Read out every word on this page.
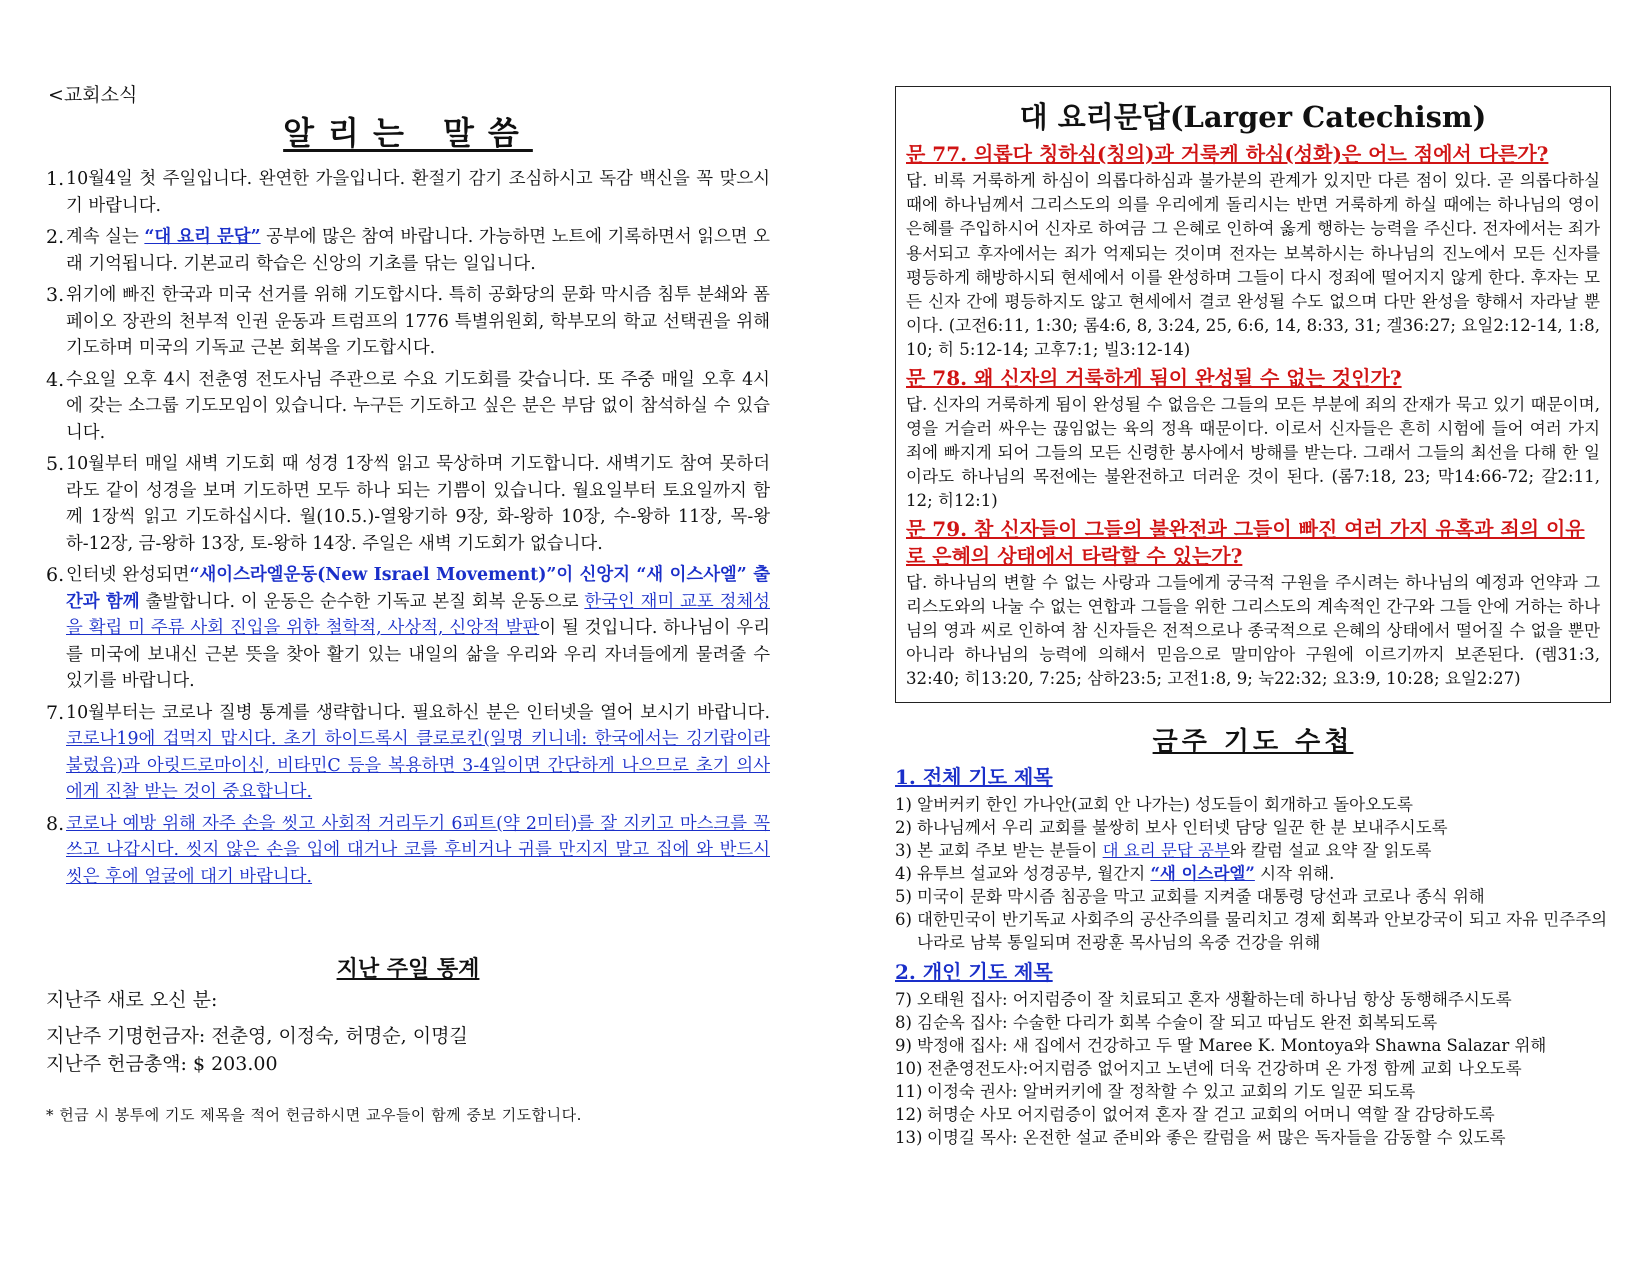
<교회소식
알리는 말씀
1. 10월4일 첫 주일입니다. 완연한 가을입니다. 환절기 감기 조심하시고 독감 백신을 꼭 맞으시기 바랍니다.
2. 계속 실는 “대 요리 문답” 공부에 많은 참여 바랍니다. 가능하면 노트에 기록하면서 읽으면 오래 기억됩니다. 기본교리 학습은 신앙의 기초를 닦는 일입니다.
3. 위기에 빠진 한국과 미국 선거를 위해 기도합시다. 특히 공화당의 문화 막시즘 침투 분쇄와 폼페이오 장관의 천부적 인권 운동과 트럼프의 1776 특별위원회, 학부모의 학교 선택권을 위해 기도하며 미국의 기독교 근본 회복을 기도합시다.
4. 수요일 오후 4시 전춘영 전도사님 주관으로 수요 기도회를 갖습니다. 또 주중 매일 오후 4시에 갖는 소그룹 기도모임이 있습니다. 누구든 기도하고 싶은 분은 부담 없이 참석하실 수 있습니다.
5. 10월부터 매일 새벽 기도회 때 성경 1장씩 읽고 묵상하며 기도합니다. 새벽기도 참여 못하더라도 같이 성경을 보며 기도하면 모두 하나 되는 기쁨이 있습니다. 월요일부터 토요일까지 함께 1장씩 읽고 기도하십시다. 월(10.5.)-열왕기하 9장, 화-왕하 10장, 수-왕하 11장, 목-왕하-12장, 금-왕하 13장, 토-왕하 14장. 주일은 새벽 기도회가 없습니다.
6. 인터넷 완성되면“새이스라엘운동(New Israel Movement)”이 신앙지 “새 이스사엘” 출간과 함께 출발합니다. 이 운동은 순수한 기독교 본질 회복 운동으로 한국인 재미 교포 정체성을 확립 미 주류 사회 진입을 위한 철학적, 사상적, 신앙적 발판이 될 것입니다. 하나님이 우리를 미국에 보내신 근본 뜻을 찾아 활기 있는 내일의 삶을 우리와 우리 자녀들에게 물려줄 수 있기를 바랍니다.
7. 10월부터는 코로나 질병 통계를 생략합니다. 필요하신 분은 인터넷을 열어 보시기 바랍니다. 코로나19에 겁먹지 맙시다. 초기 하이드록시 클로로킨(일명 키니네: 한국에서는 깅기랍이라 불렀음)과 아릿드로마이신, 비타민C 등을 복용하면 3-4일이면 간단하게 나으므로 초기 의사에게 진찰 받는 것이 중요합니다.
8. 코로나 예방 위해 자주 손을 씻고 사회적 거리두기 6피트(약 2미터)를 잘 지키고 마스크를 꼭 쓰고 나갑시다. 씻지 않은 손을 입에 대거나 코를 후비거나 귀를 만지지 말고 집에 와 반드시 씻은 후에 얼굴에 대기 바랍니다.
지난 주일 통계
지난주 새로 오신 분:
지난주 기명헌금자: 전춘영, 이정숙, 허명순, 이명길
지난주 헌금총액: $ 203.00
* 헌금 시 봉투에 기도 제목을 적어 헌금하시면 교우들이 함께 중보 기도합니다.
대 요리문답(Larger Catechism)
문 77. 의롭다 칭하심(칭의)과 거룩케 하심(성화)은 어느 점에서 다른가?
답. 비록 거룩하게 하심이 의롭다하심과 불가분의 관계가 있지만 다른 점이 있다. 곧 의롭다하실 때에 하나님께서 그리스도의 의를 우리에게 돌리시는 반면 거룩하게 하실 때에는 하나님의 영이 은혜를 주입하시어 신자로 하여금 그 은혜로 인하여 옳게 행하는 능력을 주신다. 전자에서는 죄가 용서되고 후자에서는 죄가 억제되는 것이며 전자는 보복하시는 하나님의 진노에서 모든 신자를 평등하게 해방하시되 현세에서 이를 완성하며 그들이 다시 정죄에 떨어지지 않게 한다. 후자는 모든 신자 간에 평등하지도 않고 현세에서 결코 완성될 수도 없으며 다만 완성을 향해서 자라날 뿐이다. (고전6:11, 1:30; 롬4:6, 8, 3:24, 25, 6:6, 14, 8:33, 31; 겔36:27; 요일2:12-14, 1:8, 10; 히 5:12-14; 고후7:1; 빌3:12-14)
문 78. 왜 신자의 거룩하게 됨이 완성될 수 없는 것인가?
답. 신자의 거룩하게 됨이 완성될 수 없음은 그들의 모든 부분에 죄의 잔재가 묵고 있기 때문이며, 영을 거슬러 싸우는 끊임없는 육의 정욕 때문이다. 이로서 신자들은 흔히 시험에 들어 여러 가지 죄에 빠지게 되어 그들의 모든 신령한 봉사에서 방해를 받는다. 그래서 그들의 최선을 다해 한 일이라도 하나님의 목전에는 불완전하고 더러운 것이 된다. (롬7:18, 23; 막14:66-72; 갈2:11, 12; 히12:1)
문 79. 참 신자들이 그들의 불완전과 그들이 빠진 여러 가지 유혹과 죄의 이유로 은혜의 상태에서 타락할 수 있는가?
답. 하나님의 변할 수 없는 사랑과 그들에게 궁극적 구원을 주시려는 하나님의 예정과 언약과 그리스도와의 나눌 수 없는 연합과 그들을 위한 그리스도의 계속적인 간구와 그들 안에 거하는 하나님의 영과 씨로 인하여 참 신자들은 전적으로나 종국적으로 은혜의 상태에서 떨어질 수 없을 뿐만 아니라 하나님의 능력에 의해서 믿음으로 말미암아 구원에 이르기까지 보존된다. (렘31:3, 32:40; 히13:20, 7:25; 삼하23:5; 고전1:8, 9; 눅22:32; 요3:9, 10:28; 요일2:27)
금주 기도 수첩
1. 전체 기도 제목
1) 알버커키 한인 가나안(교회 안 나가는) 성도들이 회개하고 돌아오도록
2) 하나님께서 우리 교회를 불쌍히 보사 인터넷 담당 일꾼 한 분 보내주시도록
3) 본 교회 주보 받는 분들이 대 요리 문답 공부와 칼럼 설교 요약 잘 읽도록
4) 유투브 설교와 성경공부, 월간지 “새 이스라엘” 시작 위해.
5) 미국이 문화 막시즘 침공을 막고 교회를 지켜줄 대통령 당선과 코로나 종식 위해
6) 대한민국이 반기독교 사회주의 공산주의를 물리치고 경제 회복과 안보강국이 되고 자유 민주주의 나라로 남북 통일되며 전광훈 목사님의 옥중 건강을 위해
2. 개인 기도 제목
7) 오태원 집사: 어지럼증이 잘 치료되고 혼자 생활하는데 하나님 항상 동행해주시도록
8) 김순옥 집사: 수술한 다리가 회복 수술이 잘 되고 따님도 완전 회복되도록
9) 박정애 집사: 새 집에서 건강하고 두 딸 Maree K. Montoya와 Shawna Salazar 위해
10) 전춘영전도사:어지럼증 없어지고 노년에 더욱 건강하며 온 가정 함께 교회 나오도록
11) 이정숙 권사: 알버커키에 잘 정착할 수 있고 교회의 기도 일꾼 되도록
12) 허명순 사모 어지럼증이 없어져 혼자 잘 걷고 교회의 어머니 역할 잘 감당하도록
13) 이명길 목사: 온전한 설교 준비와 좋은 칼럼을 써 많은 독자들을 감동할 수 있도록
